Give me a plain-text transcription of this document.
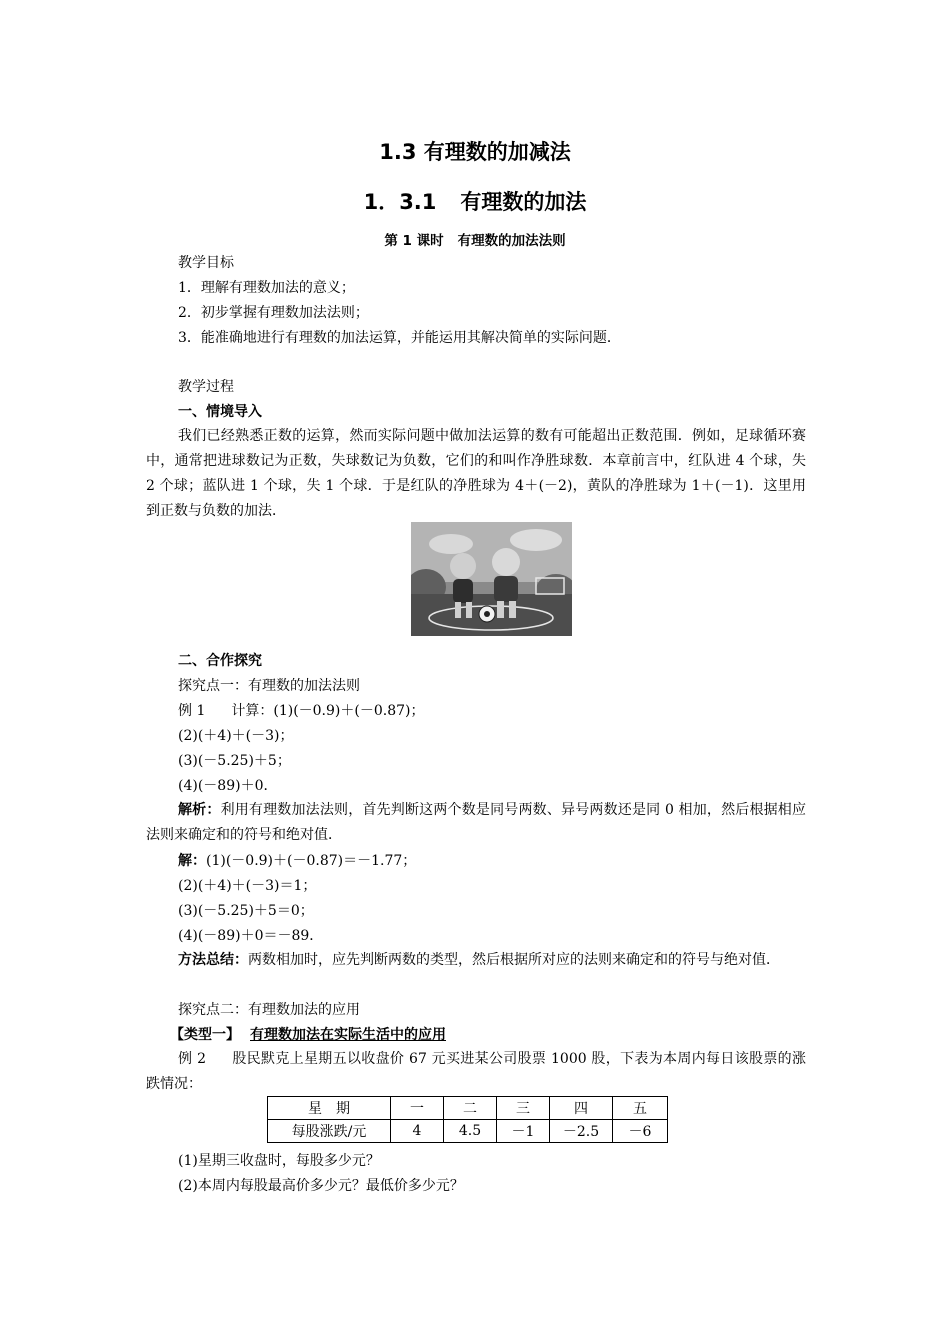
1.3 有理数的加减法
1．3.1 有理数的加法
第 1 课时 有理数的加法法则
教学目标
1．理解有理数加法的意义；
2．初步掌握有理数加法法则；
3．能准确地进行有理数的加法运算，并能运用其解决简单的实际问题．
教学过程
一、情境导入
我们已经熟悉正数的运算，然而实际问题中做加法运算的数有可能超出正数范围．例如，足球循环赛中，通常把进球数记为正数，失球数记为负数，它们的和叫作净胜球数．本章前言中，红队进 4 个球，失 2 个球；蓝队进 1 个球，失 1 个球．于是红队的净胜球为 4＋(－2)，黄队的净胜球为 1＋(－1)．这里用到正数与负数的加法．
二、合作探究
探究点一：有理数的加法法则
例 1 计算：(1)(－0.9)＋(－0.87)；
(2)(＋4)＋(－3)；
(3)(－5.25)＋5；
(4)(－89)＋0．
解析：利用有理数加法法则，首先判断这两个数是同号两数、异号两数还是同 0 相加，然后根据相应法则来确定和的符号和绝对值．
解：(1)(－0.9)＋(－0.87)＝－1.77；
(2)(＋4)＋(－3)＝1；
(3)(－5.25)＋5＝0；
(4)(－89)＋0＝－89．
方法总结：两数相加时，应先判断两数的类型，然后根据所对应的法则来确定和的符号与绝对值．
探究点二：有理数加法的应用
【类型一】 有理数加法在实际生活中的应用
例 2 股民默克上星期五以收盘价 67 元买进某公司股票 1000 股，下表为本周内每日该股票的涨跌情况：
星　期	一	二	三	四	五
每股涨跌/元	4	4.5	－1	－2.5	－6
(1)星期三收盘时，每股多少元？
(2)本周内每股最高价多少元？最低价多少元？
